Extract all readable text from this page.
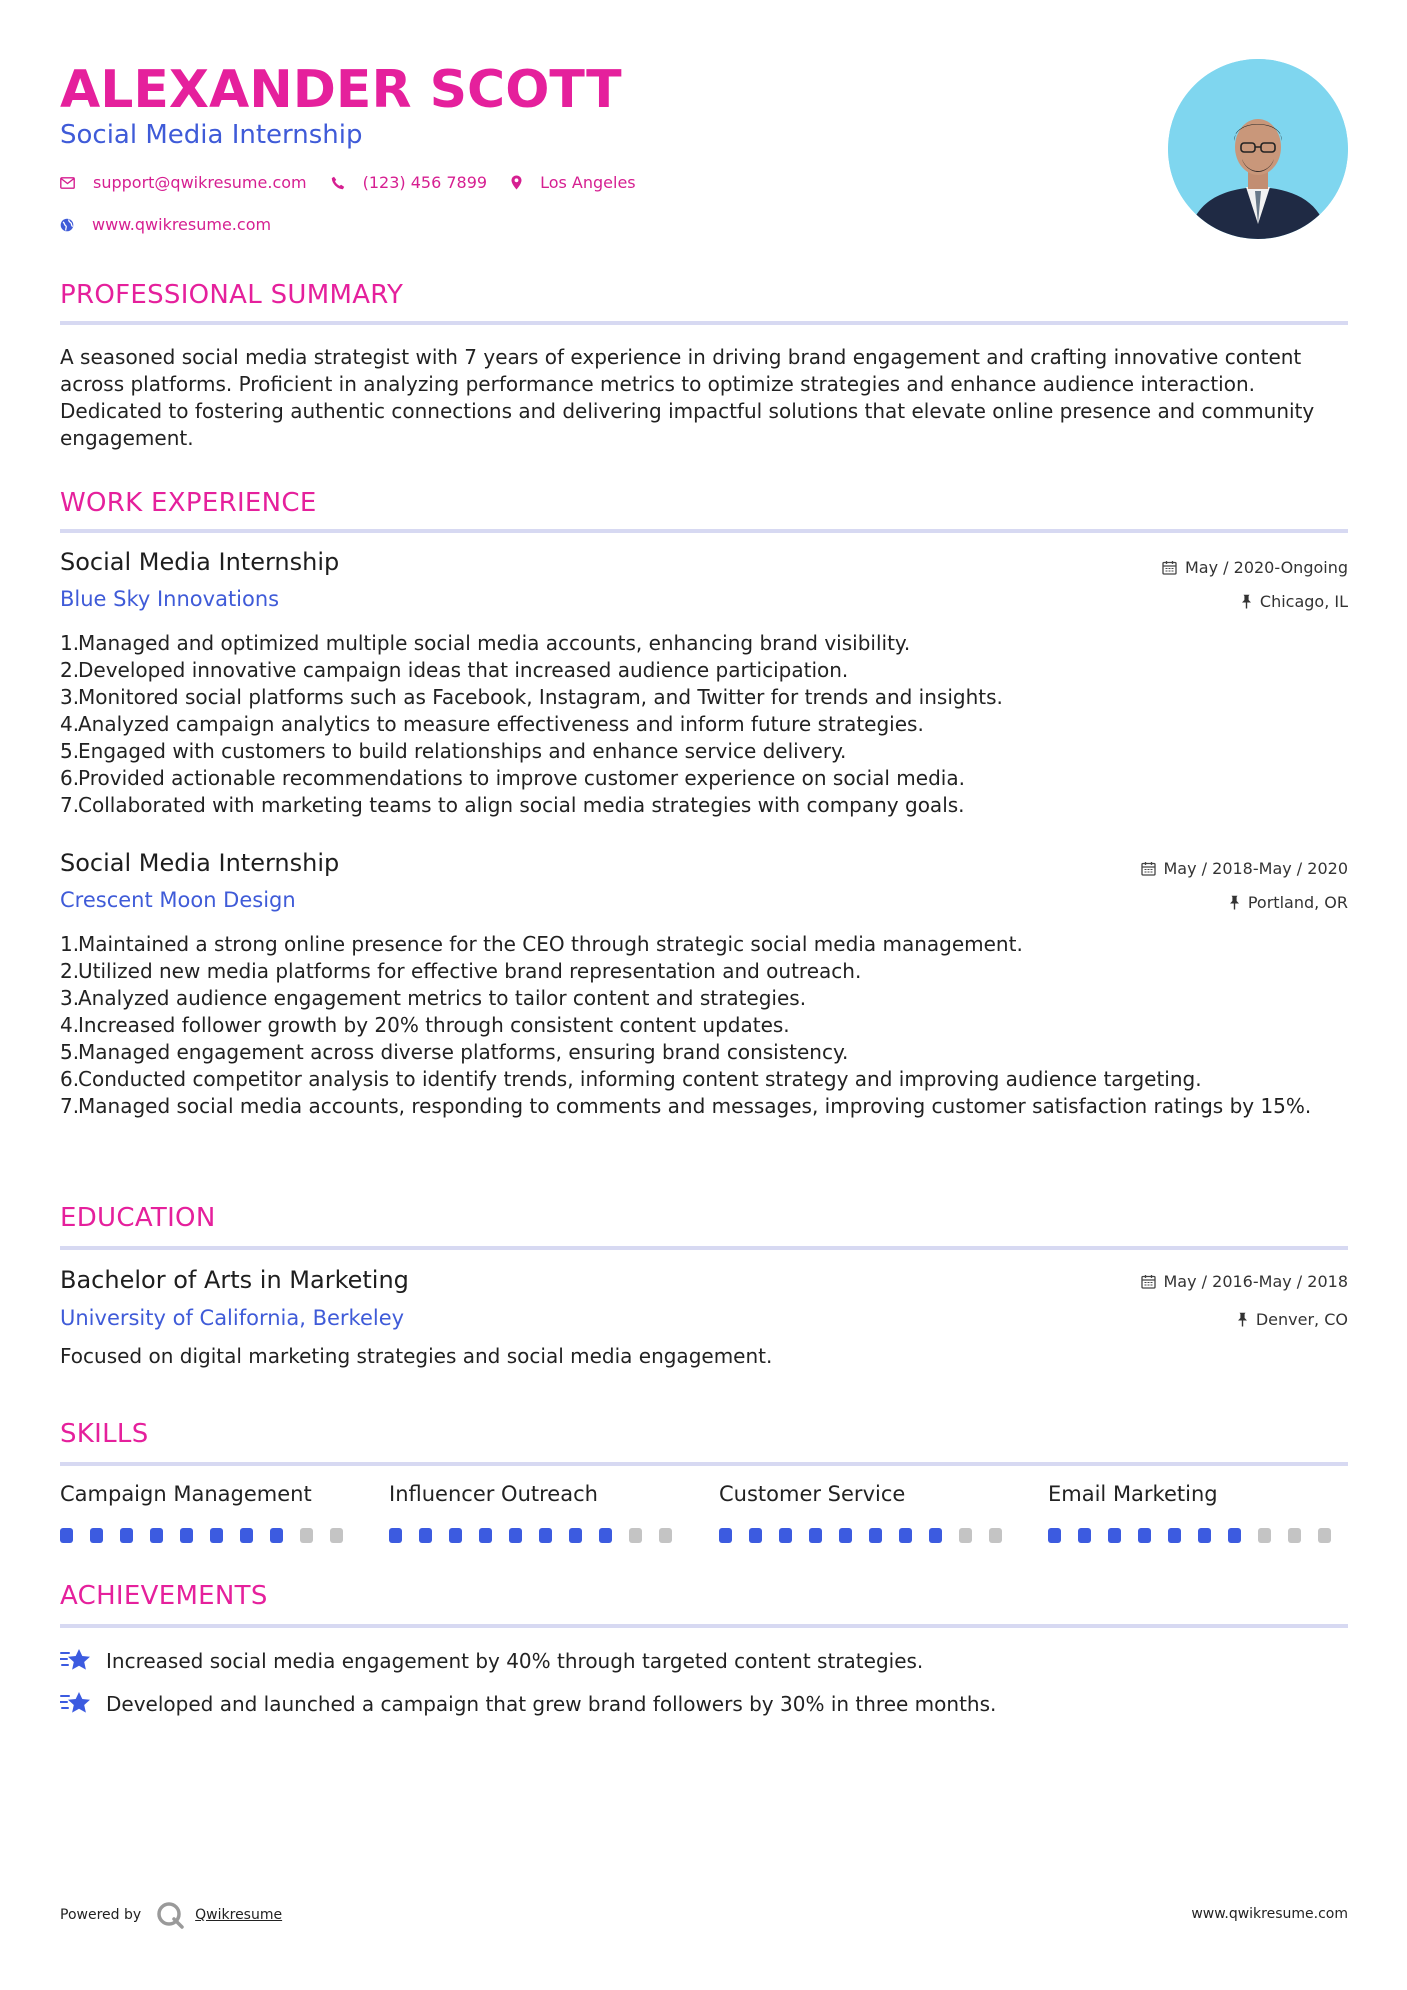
ALEXANDER SCOTT
Social Media Internship
support@qwikresume.com	(123) 456 7899	Los Angeles
www.qwikresume.com
PROFESSIONAL SUMMARY
A seasoned social media strategist with 7 years of experience in driving brand engagement and crafting innovative content across platforms. Proficient in analyzing performance metrics to optimize strategies and enhance audience interaction. Dedicated to fostering authentic connections and delivering impactful solutions that elevate online presence and community engagement.
WORK EXPERIENCE
Social Media Internship
Blue Sky Innovations
May / 2020-Ongoing
Chicago, IL
1.
Managed and optimized multiple social media accounts, enhancing brand visibility.
2.
Developed innovative campaign ideas that increased audience participation.
3.
Monitored social platforms such as Facebook, Instagram, and Twitter for trends and insights.
4.
Analyzed campaign analytics to measure effectiveness and inform future strategies.
5.
Engaged with customers to build relationships and enhance service delivery.
6.
Provided actionable recommendations to improve customer experience on social media.
7.
Collaborated with marketing teams to align social media strategies with company goals.
Social Media Internship
Crescent Moon Design
May / 2018-May / 2020
Portland, OR
1.
Maintained a strong online presence for the CEO through strategic social media management.
2.
Utilized new media platforms for effective brand representation and outreach.
3.
Analyzed audience engagement metrics to tailor content and strategies.
4.
Increased follower growth by 20% through consistent content updates.
5.
Managed engagement across diverse platforms, ensuring brand consistency.
6.
Conducted competitor analysis to identify trends, informing content strategy and improving audience targeting.
7.
Managed social media accounts, responding to comments and messages, improving customer satisfaction ratings by 15%.
EDUCATION
Bachelor of Arts in Marketing
University of California, Berkeley
May / 2016-May / 2018
Denver, CO
Focused on digital marketing strategies and social media engagement.
SKILLS
Campaign Management	Influencer Outreach	Customer Service	Email Marketing
ACHIEVEMENTS
Increased social media engagement by 40% through targeted content strategies.
Developed and launched a campaign that grew brand followers by 30% in three months.
Powered by	Qwikresume	www.qwikresume.com
